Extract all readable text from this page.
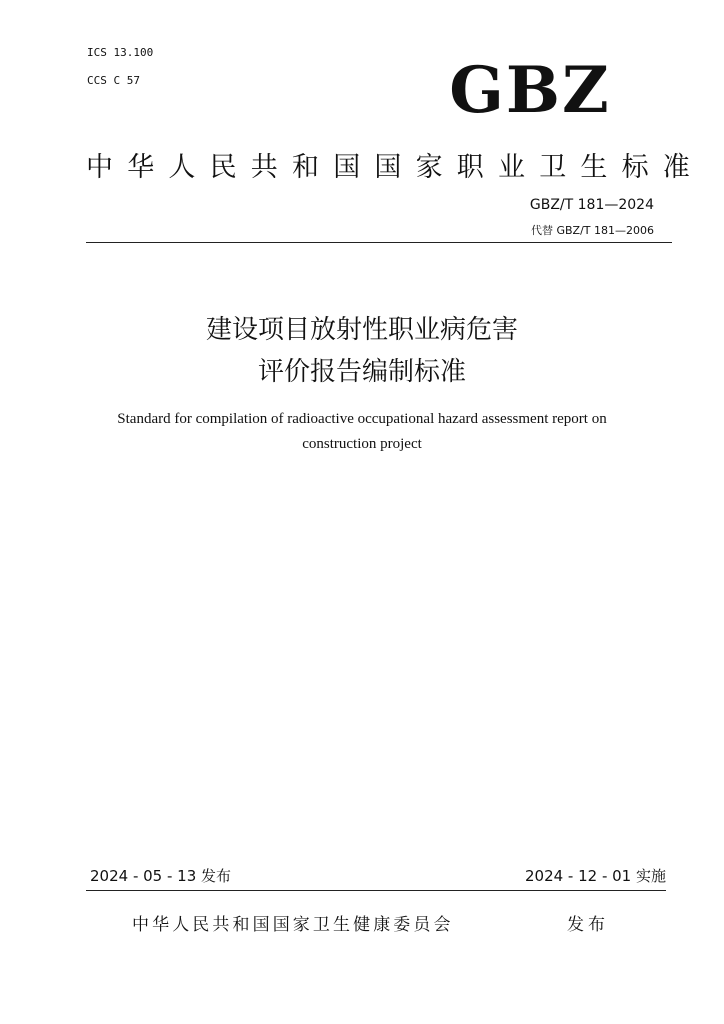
ICS 13.100
CCS C 57	GBZ
中华人民共和国国家职业卫生标准
GBZ/T 181—2024
代替 GBZ/T 181—2006
建设项目放射性职业病危害
评价报告编制标准
Standard for compilation of radioactive occupational hazard assessment report on
construction project
2024 - 05 - 13 发布	2024 - 12 - 01 实施
中华人民共和国国家卫生健康委员会	发布
